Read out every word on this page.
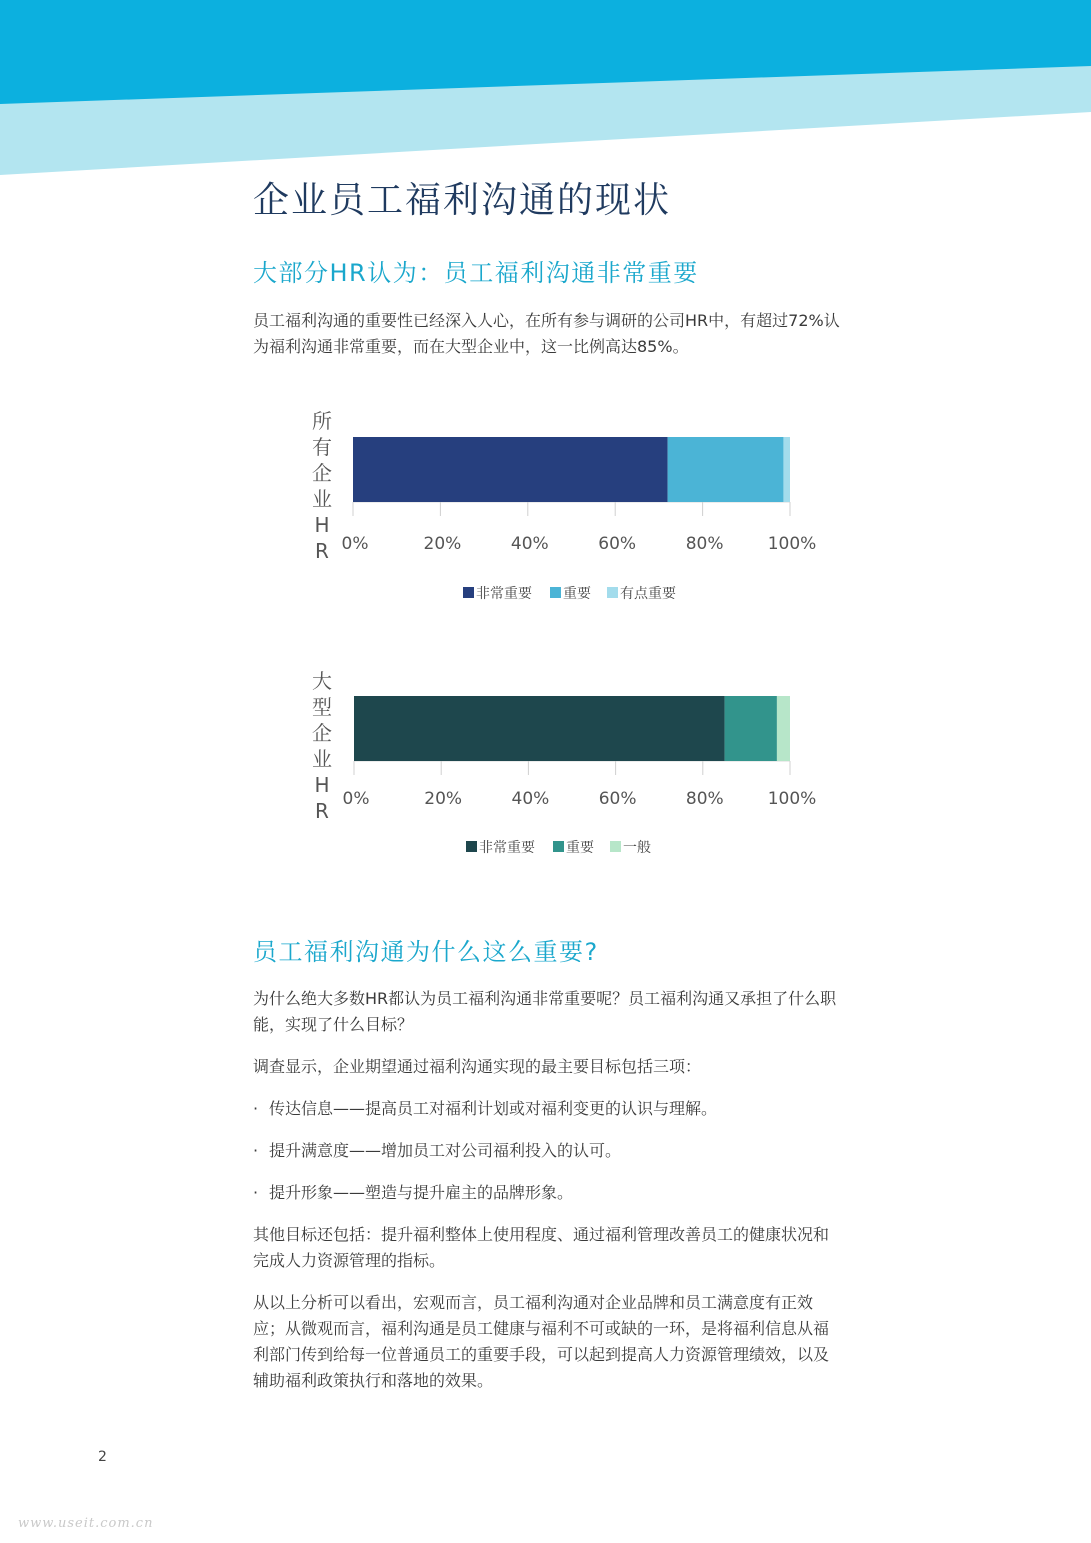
企业员工福利沟通的现状
大部分HR认为：员工福利沟通非常重要

员工福利沟通的重要性已经深入人心，在所有参与调研的公司HR中，有超过72%认为福利沟通非常重要，而在大型企业中，这一比例高达85%。

所
有
企
业
H
R 0%	20%	40%	60%	80%	100%
非常重要 重要 有点重要
大
型
企
业
H
R 0%	20%	40%	60%	80%	100%
非常重要 重要 一般
员工福利沟通为什么这么重要?

为什么绝大多数HR都认为员工福利沟通非常重要呢？员工福利沟通又承担了什么职能，实现了什么目标？

调查显示，企业期望通过福利沟通实现的最主要目标包括三项：

· 传达信息——提高员工对福利计划或对福利变更的认识与理解。

· 提升满意度——增加员工对公司福利投入的认可。

· 提升形象——塑造与提升雇主的品牌形象。

其他目标还包括：提升福利整体上使用程度、通过福利管理改善员工的健康状况和完成人力资源管理的指标。

从以上分析可以看出，宏观而言，员工福利沟通对企业品牌和员工满意度有正效应；从微观而言，福利沟通是员工健康与福利不可或缺的一环，是将福利信息从福利部门传到给每一位普通员工的重要手段，可以起到提高人力资源管理绩效，以及辅助福利政策执行和落地的效果。

2
www.useit.com.cn
